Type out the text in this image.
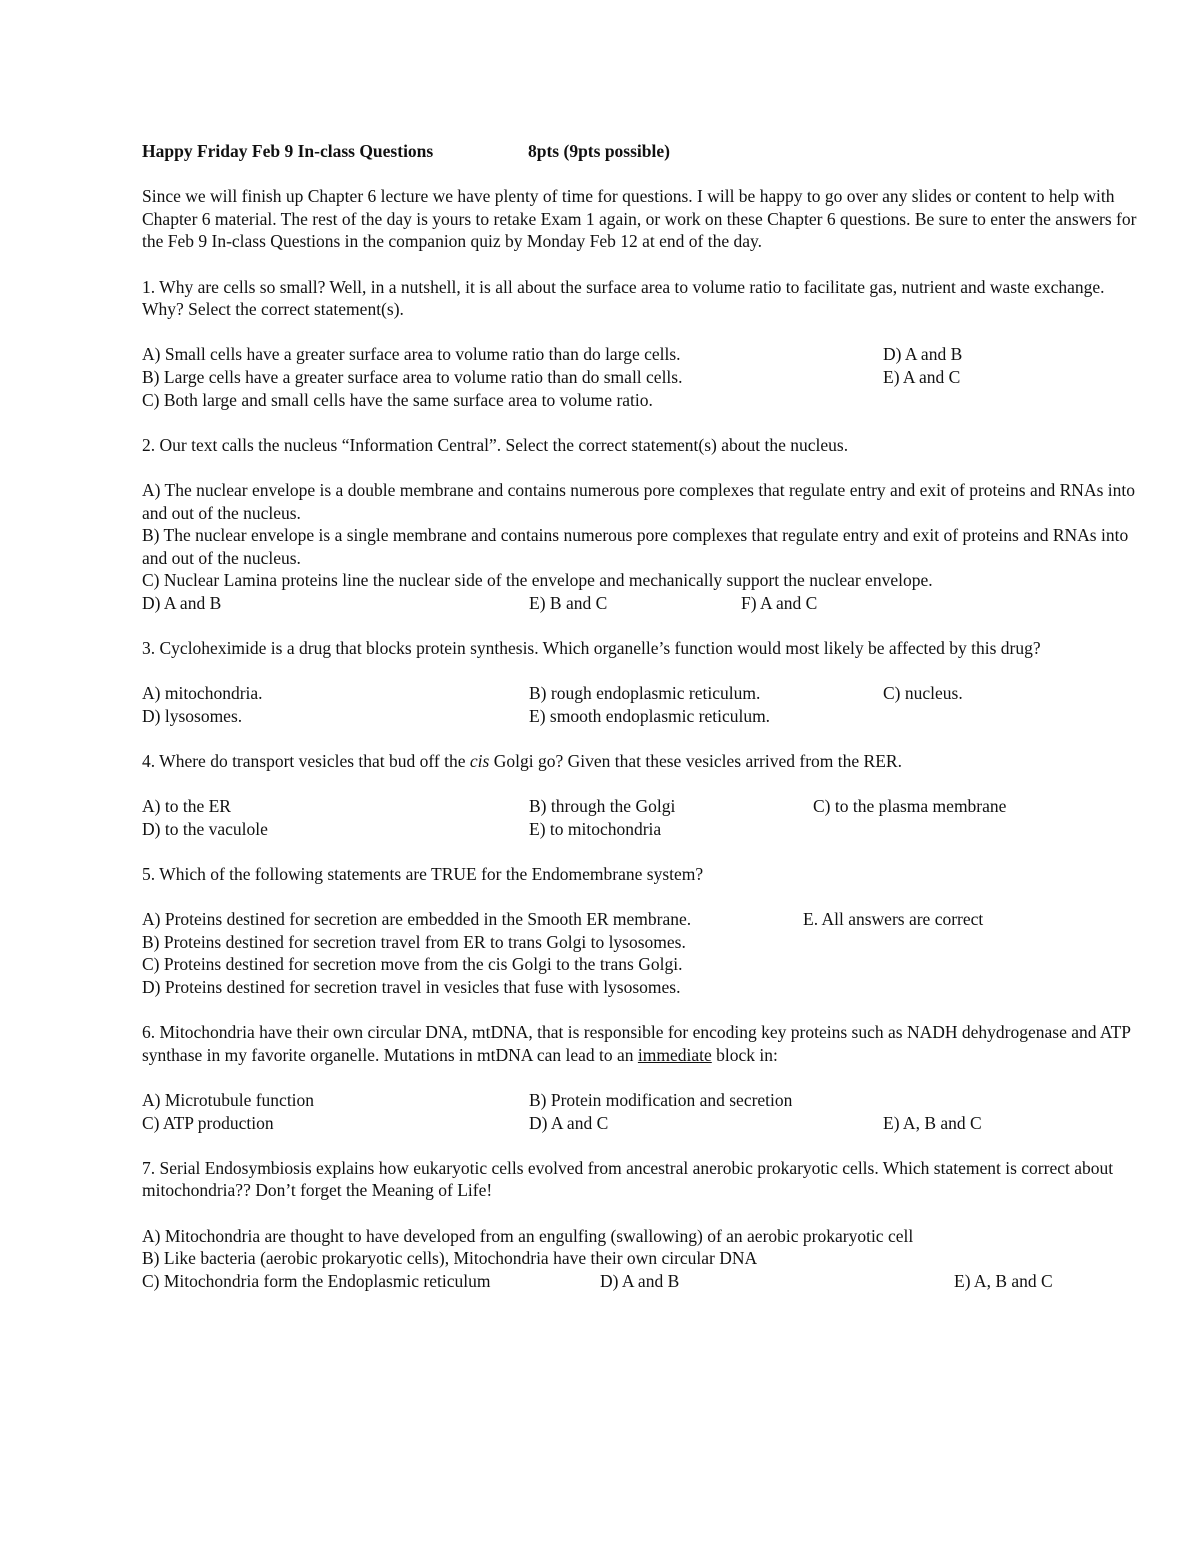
Happy Friday Feb 9 In-class Questions	8pts (9pts possible)

Since we will finish up Chapter 6 lecture we have plenty of time for questions. I will be happy to go over any slides or content to help with Chapter 6 material. The rest of the day is yours to retake Exam 1 again, or work on these Chapter 6 questions. Be sure to enter the answers for the Feb 9 In-class Questions in the companion quiz by Monday Feb 12 at end of the day.

1. Why are cells so small? Well, in a nutshell, it is all about the surface area to volume ratio to facilitate gas, nutrient and waste exchange. Why? Select the correct statement(s).

A) Small cells have a greater surface area to volume ratio than do large cells.	D) A and B
B) Large cells have a greater surface area to volume ratio than do small cells.	E) A and C
C) Both large and small cells have the same surface area to volume ratio.

2. Our text calls the nucleus “Information Central”. Select the correct statement(s) about the nucleus.

A) The nuclear envelope is a double membrane and contains numerous pore complexes that regulate entry and exit of proteins and RNAs into and out of the nucleus.

B) The nuclear envelope is a single membrane and contains numerous pore complexes that regulate entry and exit of proteins and RNAs into and out of the nucleus.

C) Nuclear Lamina proteins line the nuclear side of the envelope and mechanically support the nuclear envelope.

D) A and B	E) B and C	F) A and C

3. Cycloheximide is a drug that blocks protein synthesis. Which organelle’s function would most likely be affected by this drug?

A) mitochondria.	B) rough endoplasmic reticulum.	C) nucleus.
D) lysosomes.	E) smooth endoplasmic reticulum.

4. Where do transport vesicles that bud off the cis Golgi go? Given that these vesicles arrived from the RER.

A) to the ER	B) through the Golgi	C) to the plasma membrane
D) to the vaculole	E) to mitochondria

5. Which of the following statements are TRUE for the Endomembrane system?

A) Proteins destined for secretion are embedded in the Smooth ER membrane.	E. All answers are correct
B) Proteins destined for secretion travel from ER to trans Golgi to lysosomes.
C) Proteins destined for secretion move from the cis Golgi to the trans Golgi.
D) Proteins destined for secretion travel in vesicles that fuse with lysosomes.

6. Mitochondria have their own circular DNA, mtDNA, that is responsible for encoding key proteins such as NADH dehydrogenase and ATP synthase in my favorite organelle. Mutations in mtDNA can lead to an immediate block in:

A) Microtubule function	B) Protein modification and secretion
C) ATP production	D) A and C	E) A, B and C

7. Serial Endosymbiosis explains how eukaryotic cells evolved from ancestral anerobic prokaryotic cells. Which statement is correct about mitochondria?? Don’t forget the Meaning of Life!

A) Mitochondria are thought to have developed from an engulfing (swallowing) of an aerobic prokaryotic cell
B) Like bacteria (aerobic prokaryotic cells), Mitochondria have their own circular DNA
C) Mitochondria form the Endoplasmic reticulum	D) A and B	E) A, B and C
